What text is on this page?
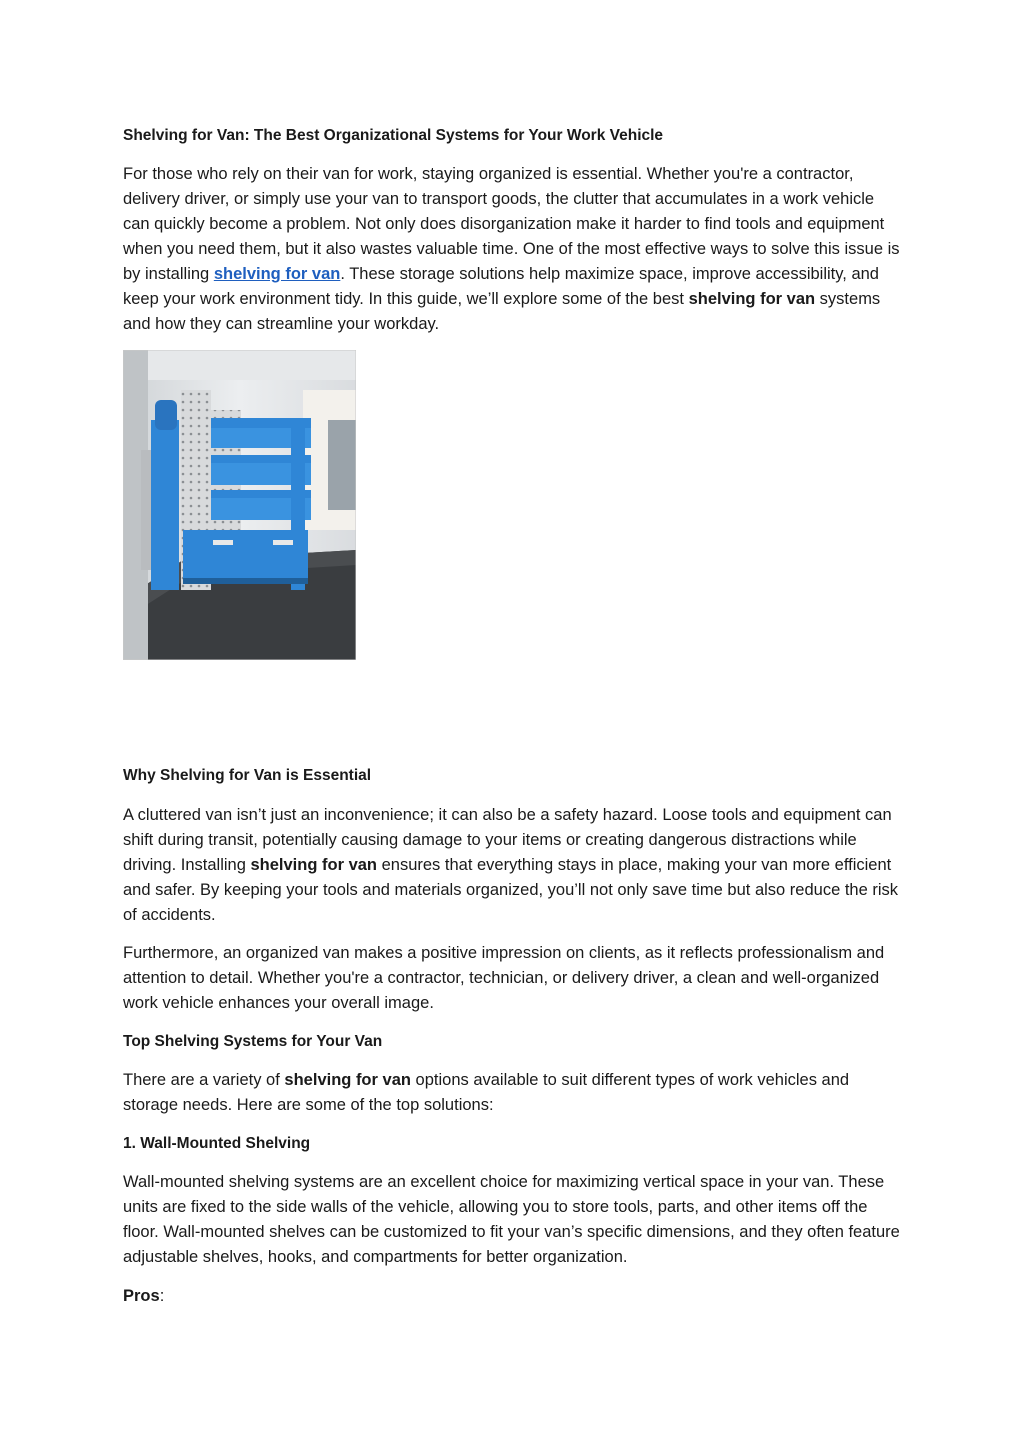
Shelving for Van: The Best Organizational Systems for Your Work Vehicle
For those who rely on their van for work, staying organized is essential. Whether you're a contractor, delivery driver, or simply use your van to transport goods, the clutter that accumulates in a work vehicle can quickly become a problem. Not only does disorganization make it harder to find tools and equipment when you need them, but it also wastes valuable time. One of the most effective ways to solve this issue is by installing shelving for van. These storage solutions help maximize space, improve accessibility, and keep your work environment tidy. In this guide, we’ll explore some of the best shelving for van systems and how they can streamline your workday.
Why Shelving for Van is Essential
A cluttered van isn’t just an inconvenience; it can also be a safety hazard. Loose tools and equipment can shift during transit, potentially causing damage to your items or creating dangerous distractions while driving. Installing shelving for van ensures that everything stays in place, making your van more efficient and safer. By keeping your tools and materials organized, you’ll not only save time but also reduce the risk of accidents.
Furthermore, an organized van makes a positive impression on clients, as it reflects professionalism and attention to detail. Whether you're a contractor, technician, or delivery driver, a clean and well-organized work vehicle enhances your overall image.
Top Shelving Systems for Your Van
There are a variety of shelving for van options available to suit different types of work vehicles and storage needs. Here are some of the top solutions:
1. Wall-Mounted Shelving
Wall-mounted shelving systems are an excellent choice for maximizing vertical space in your van. These units are fixed to the side walls of the vehicle, allowing you to store tools, parts, and other items off the floor. Wall-mounted shelves can be customized to fit your van’s specific dimensions, and they often feature adjustable shelves, hooks, and compartments for better organization.
Pros:
